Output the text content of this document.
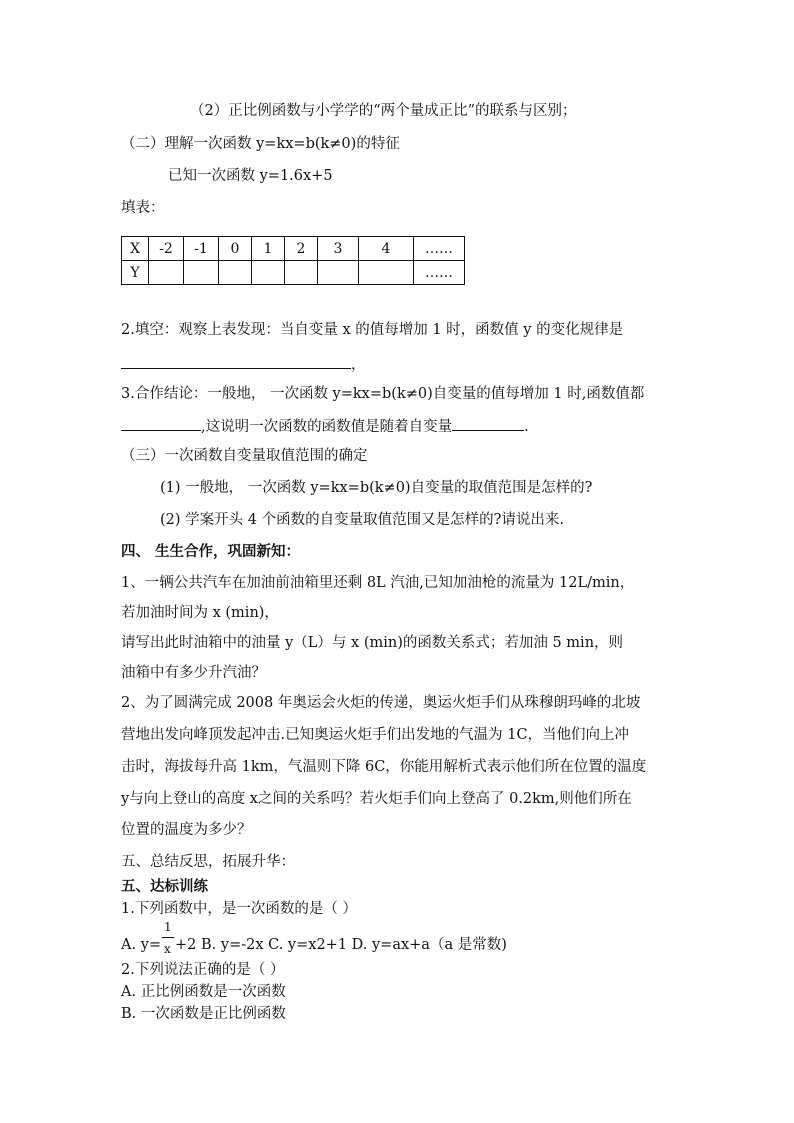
（2）正比例函数与小学学的“两个量成正比”的联系与区别；
（二）理解一次函数 y=kx=b(k≠0)的特征
已知一次函数 y=1.6x+5
填表：
X	-2	-1	0	1	2	3	4	……
Y								……
2.填空：观察上表发现：当自变量 x 的值每增加 1 时，函数值 y 的变化规律是
，
3.合作结论：一般地， 一次函数 y=kx=b(k≠0)自变量的值每增加 1 时,函数值都
,这说明一次函数的函数值是随着自变量	.
（三）一次函数自变量取值范围的确定
(1) 一般地， 一次函数 y=kx=b(k≠0)自变量的取值范围是怎样的?
(2) 学案开头 4 个函数的自变量取值范围又是怎样的?请说出来.
四、 生生合作，巩固新知：
1、一辆公共汽车在加油前油箱里还剩 8L 汽油,已知加油枪的流量为 12L/min，
若加油时间为 x (min)，
请写出此时油箱中的油量 y（L）与 x (min)的函数关系式；若加油 5 min，则
油箱中有多少升汽油？
2、为了圆满完成 2008 年奥运会火炬的传递，奥运火炬手们从珠穆朗玛峰的北坡
营地出发向峰顶发起冲击.已知奥运火炬手们出发地的气温为 1C，当他们向上冲
击时，海拔每升高 1km，气温则下降 6C，你能用解析式表示他们所在位置的温度
y与向上登山的高度 x之间的关系吗？若火炬手们向上登高了 0.2km,则他们所在
位置的温度为多少？
五、总结反思，拓展升华：
五、达标训练
1.下列函数中，是一次函数的是（ ）
A. $y= \frac{1}{x} +2$ B. y=-2x C. y=x2+1 D. y=ax+a（a 是常数)
2.下列说法正确的是（ ）
A. 正比例函数是一次函数
B. 一次函数是正比例函数
